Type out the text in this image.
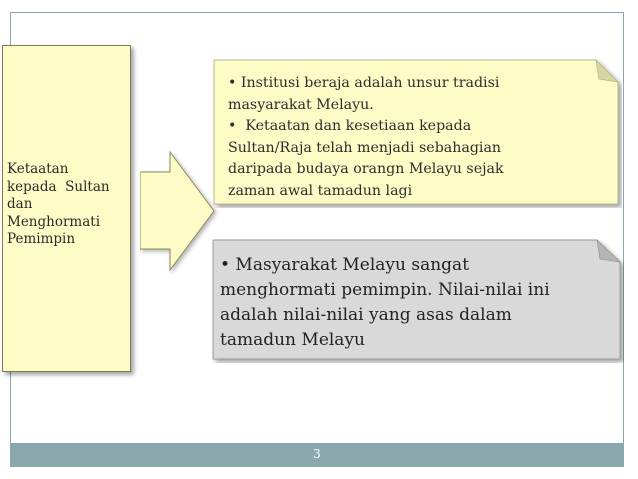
Ketaatan
kepada  Sultan
dan
Menghormati
Pemimpin

• Institusi beraja adalah unsur tradisi

masyarakat Melayu.

•  Ketaatan dan kesetiaan kepada

Sultan/Raja telah menjadi sebahagian

daripada budaya orangn Melayu sejak

zaman awal tamadun lagi

• Masyarakat Melayu sangat
menghormati pemimpin. Nilai-nilai ini
adalah nilai-nilai yang asas dalam
tamadun Melayu
3
